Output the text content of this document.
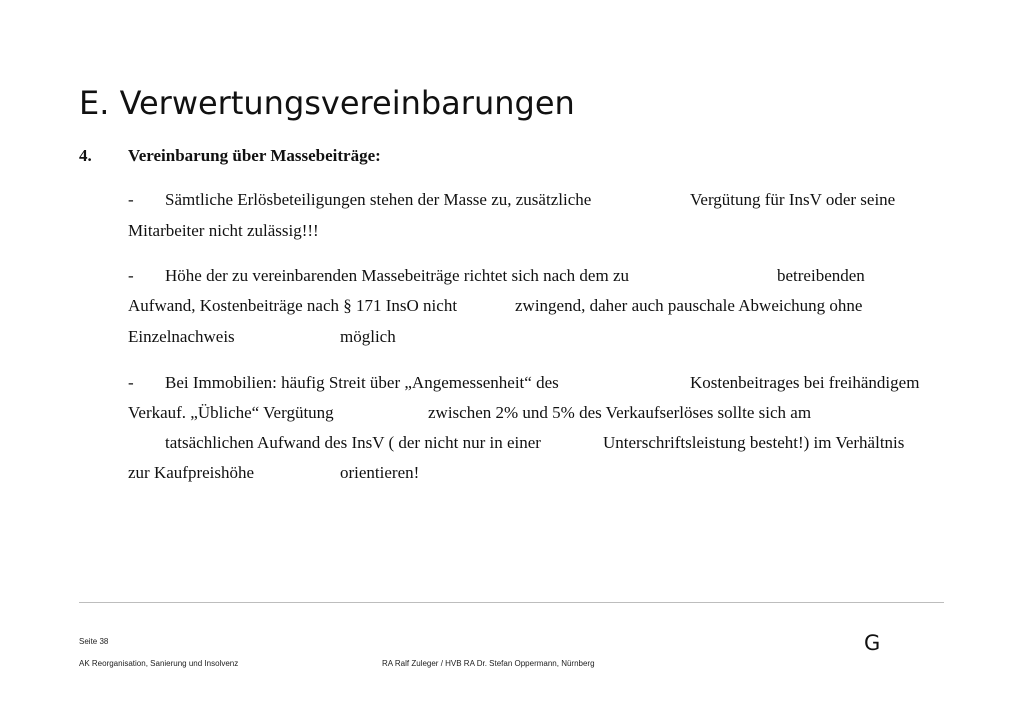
E. Verwertungsvereinbarungen
4. Vereinbarung über Massebeiträge:
- Sämtliche Erlösbeteiligungen stehen der Masse zu, zusätzliche	Vergütung für InsV oder seine
Mitarbeiter nicht zulässig!!!
- Höhe der zu vereinbarenden Massebeiträge richtet sich nach dem zu	betreibenden
Aufwand, Kostenbeiträge nach § 171 InsO nicht	zwingend, daher auch pauschale Abweichung ohne
Einzelnachweis	möglich
- Bei Immobilien: häufig Streit über „Angemessenheit“ des	Kostenbeitrages bei freihändigem
Verkauf. „Übliche“ Vergütung	zwischen 2% und 5% des Verkaufserlöses sollte sich am
tatsächlichen Aufwand des InsV ( der nicht nur in einer	Unterschriftsleistung besteht!) im Verhältnis
zur Kaufpreishöhe	orientieren!
Seite 38	G
AK Reorganisation, Sanierung und Insolvenz	RA Ralf Zuleger / HVB RA Dr. Stefan Oppermann, Nürnberg
